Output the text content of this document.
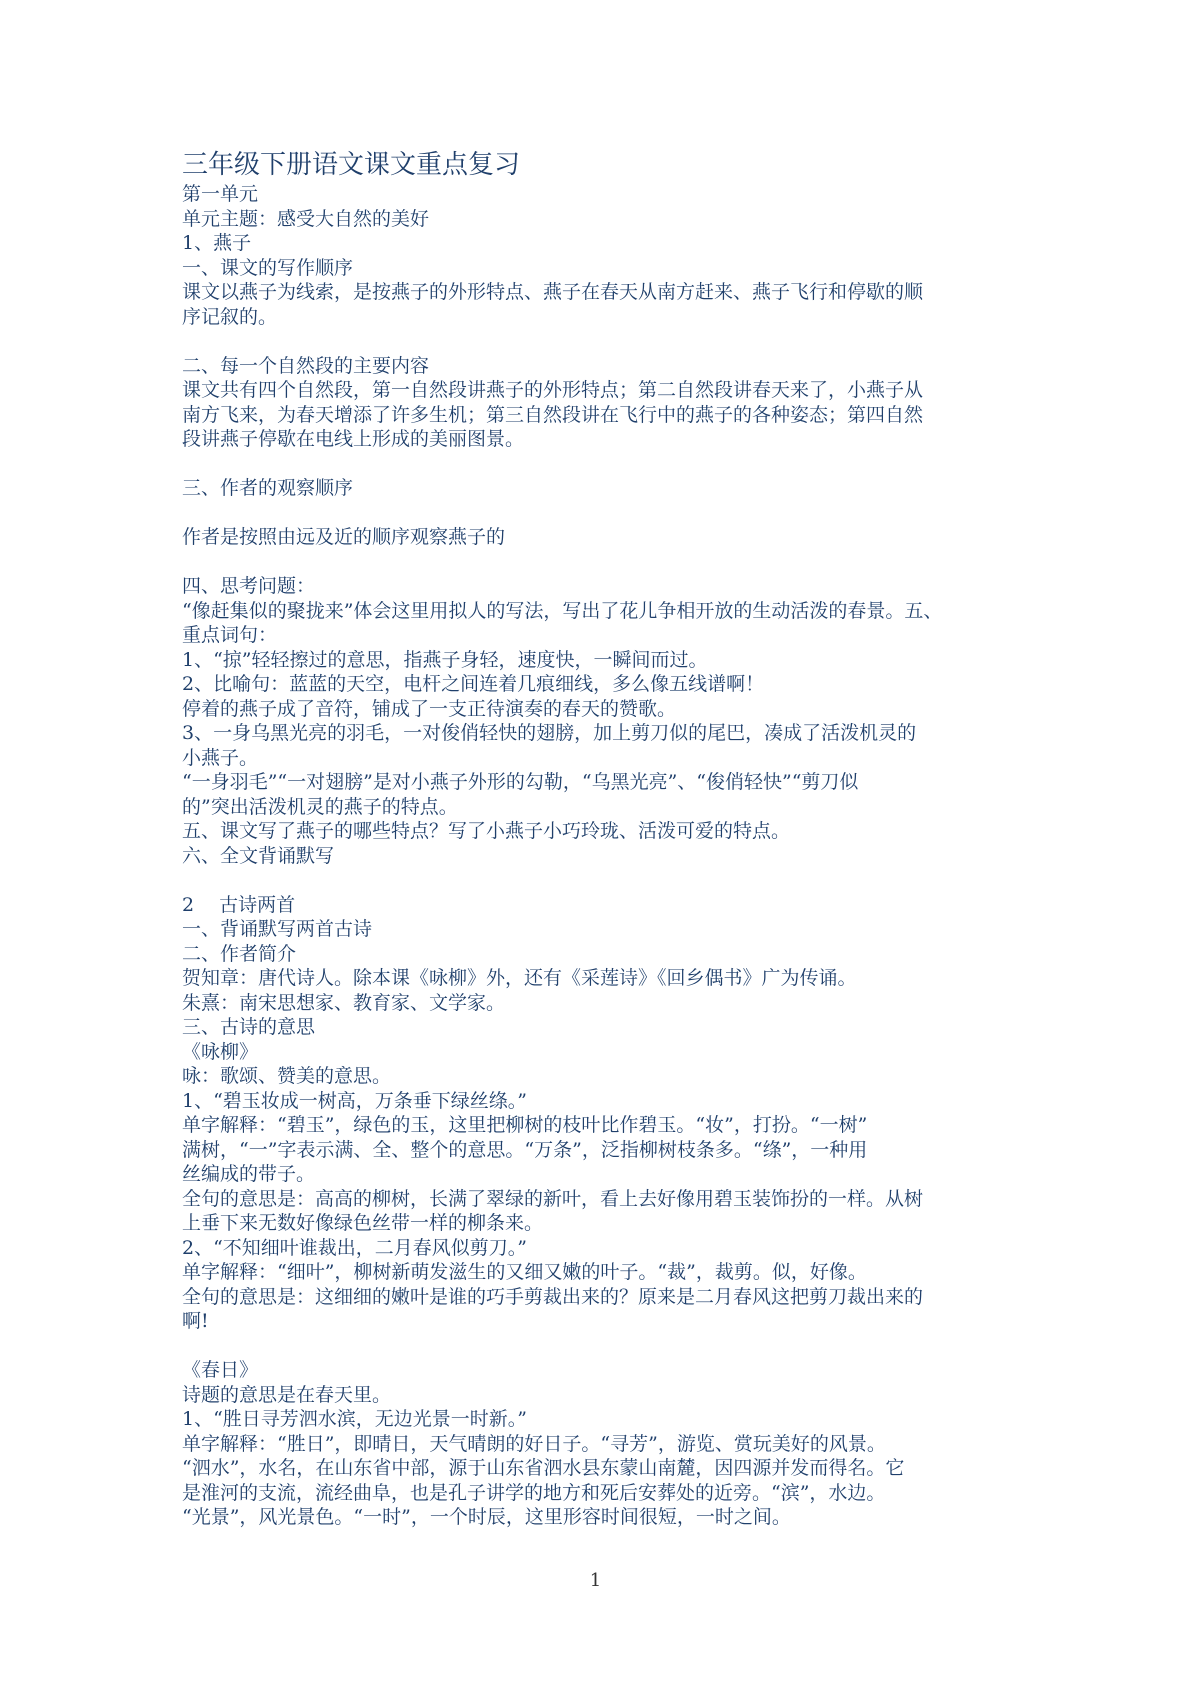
三年级下册语文课文重点复习
第一单元
单元主题：感受大自然的美好
1、燕子
一、课文的写作顺序
课文以燕子为线索，是按燕子的外形特点、燕子在春天从南方赶来、燕子飞行和停歇的顺
序记叙的。
二、每一个自然段的主要内容
课文共有四个自然段，第一自然段讲燕子的外形特点；第二自然段讲春天来了，小燕子从
南方飞来，为春天增添了许多生机；第三自然段讲在飞行中的燕子的各种姿态；第四自然
段讲燕子停歇在电线上形成的美丽图景。
三、作者的观察顺序
作者是按照由远及近的顺序观察燕子的
四、思考问题：
“像赶集似的聚拢来”体会这里用拟人的写法，写出了花儿争相开放的生动活泼的春景。五、
重点词句：
1、“掠”轻轻擦过的意思，指燕子身轻，速度快，一瞬间而过。
2、比喻句：蓝蓝的天空，电杆之间连着几痕细线，多么像五线谱啊！
停着的燕子成了音符，铺成了一支正待演奏的春天的赞歌。
3、一身乌黑光亮的羽毛，一对俊俏轻快的翅膀，加上剪刀似的尾巴，凑成了活泼机灵的
小燕子。
“一身羽毛”“一对翅膀”是对小燕子外形的勾勒，“乌黑光亮”、“俊俏轻快”“剪刀似
的”突出活泼机灵的燕子的特点。
五、课文写了燕子的哪些特点？写了小燕子小巧玲珑、活泼可爱的特点。
六、全文背诵默写
2　 古诗两首
一、背诵默写两首古诗
二、作者简介
贺知章：唐代诗人。除本课《咏柳》外，还有《采莲诗》《回乡偶书》广为传诵。
朱熹：南宋思想家、教育家、文学家。
三、古诗的意思
《咏柳》
咏：歌颂、赞美的意思。
1、“碧玉妆成一树高，万条垂下绿丝绦。”
单字解释：“碧玉”，绿色的玉，这里把柳树的枝叶比作碧玉。“妆”，打扮。“一树”
满树，“一”字表示满、全、整个的意思。“万条”，泛指柳树枝条多。“绦”，一种用
丝编成的带子。
全句的意思是：高高的柳树，长满了翠绿的新叶，看上去好像用碧玉装饰扮的一样。从树
上垂下来无数好像绿色丝带一样的柳条来。
2、“不知细叶谁裁出，二月春风似剪刀。”
单字解释：“细叶”，柳树新萌发滋生的又细又嫩的叶子。“裁”，裁剪。似，好像。
全句的意思是：这细细的嫩叶是谁的巧手剪裁出来的？原来是二月春风这把剪刀裁出来的
啊!
《春日》
诗题的意思是在春天里。
1、“胜日寻芳泗水滨，无边光景一时新。”
单字解释：“胜日”，即晴日，天气晴朗的好日子。“寻芳”，游览、赏玩美好的风景。
“泗水”，水名，在山东省中部，源于山东省泗水县东蒙山南麓，因四源并发而得名。它
是淮河的支流，流经曲阜，也是孔子讲学的地方和死后安葬处的近旁。“滨”，水边。
“光景”，风光景色。“一时”，一个时辰，这里形容时间很短，一时之间。
1
